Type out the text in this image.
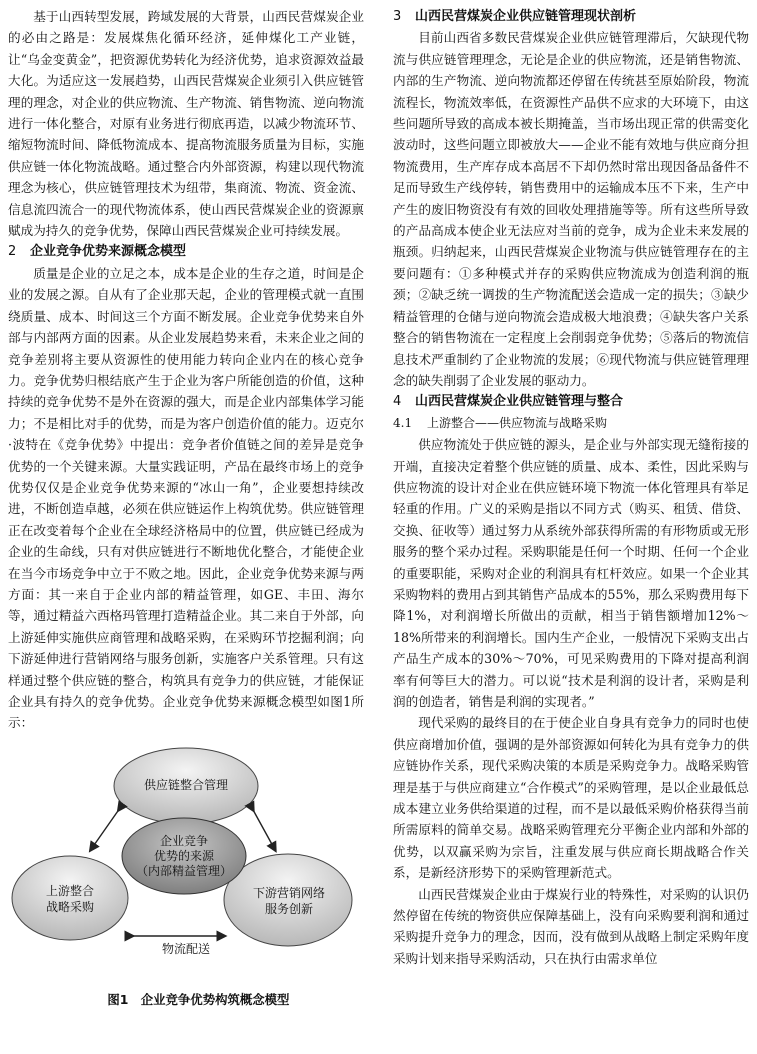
基于山西转型发展，跨域发展的大背景，山西民营煤炭企业的必由之路是：发展煤焦化循环经济，延伸煤化工产业链，让“乌金变黄金”，把资源优势转化为经济优势，追求资源效益最大化。为适应这一发展趋势，山西民营煤炭企业须引入供应链管理的理念，对企业的供应物流、生产物流、销售物流、逆向物流进行一体化整合，对原有业务进行彻底再造，以减少物流环节、缩短物流时间、降低物流成本、提高物流服务质量为目标，实施供应链一体化物流战略。通过整合内外部资源，构建以现代物流理念为核心，供应链管理技术为纽带，集商流、物流、资金流、信息流四流合一的现代物流体系，使山西民营煤炭企业的资源禀赋成为持久的竞争优势，保障山西民营煤炭企业可持续发展。

2 企业竞争优势来源概念模型

质量是企业的立足之本，成本是企业的生存之道，时间是企业的发展之源。自从有了企业那天起，企业的管理模式就一直围绕质量、成本、时间这三个方面不断发展。企业竞争优势来自外部与内部两方面的因素。从企业发展趋势来看，未来企业之间的竞争差别将主要从资源性的使用能力转向企业内在的核心竞争力。竞争优势归根结底产生于企业为客户所能创造的价值，这种持续的竞争优势不是外在资源的强大，而是企业内部集体学习能力；不是相比对手的优势，而是为客户创造价值的能力。迈克尔·波特在《竞争优势》中提出：竞争者价值链之间的差异是竞争优势的一个关键来源。大量实践证明，产品在最终市场上的竞争优势仅仅是企业竞争优势来源的“冰山一角”，企业要想持续改进，不断创造卓越，必须在供应链运作上构筑优势。供应链管理正在改变着每个企业在全球经济格局中的位置，供应链已经成为企业的生命线，只有对供应链进行不断地优化整合，才能使企业在当今市场竞争中立于不败之地。因此，企业竞争优势来源与两方面：其一来自于企业内部的精益管理，如GE、丰田、海尔等，通过精益六西格玛管理打造精益企业。其二来自于外部，向上游延伸实施供应商管理和战略采购，在采购环节挖掘利润；向下游延伸进行营销网络与服务创新，实施客户关系管理。只有这样通过整个供应链的整合，构筑具有竞争力的供应链，才能保证企业具有持久的竞争优势。企业竞争优势来源概念模型如图1所示：

供应链整合管理
企业竞争
优势的来源
（内部精益管理）
上游整合
战略采购
下游营销网络
服务创新
物流配送

图1　企业竞争优势构筑概念模型

3 山西民营煤炭企业供应链管理现状剖析

目前山西省多数民营煤炭企业供应链管理滞后，欠缺现代物流与供应链管理理念，无论是企业的供应物流，还是销售物流、内部的生产物流、逆向物流都还停留在传统甚至原始阶段，物流流程长，物流效率低，在资源性产品供不应求的大环境下，由这些问题所导致的高成本被长期掩盖，当市场出现正常的供需变化波动时，这些问题立即被放大——企业不能有效地与供应商分担物流费用，生产库存成本高居不下却仍然时常出现因备品备件不足而导致生产线停转，销售费用中的运输成本压不下来，生产中产生的废旧物资没有有效的回收处理措施等等。所有这些所导致的产品高成本使企业无法应对当前的竞争，成为企业未来发展的瓶颈。归纳起来，山西民营煤炭企业物流与供应链管理存在的主要问题有：①多种模式并存的采购供应物流成为创造利润的瓶颈；②缺乏统一调拨的生产物流配送会造成一定的损失；③缺少精益管理的仓储与逆向物流会造成极大地浪费；④缺失客户关系整合的销售物流在一定程度上会削弱竞争优势；⑤落后的物流信息技术严重制约了企业物流的发展；⑥现代物流与供应链管理理念的缺失削弱了企业发展的驱动力。

4 山西民营煤炭企业供应链管理与整合
4.1 上游整合——供应物流与战略采购

供应物流处于供应链的源头，是企业与外部实现无缝衔接的开端，直接决定着整个供应链的质量、成本、柔性，因此采购与供应物流的设计对企业在供应链环境下物流一体化管理具有举足轻重的作用。广义的采购是指以不同方式（购买、租赁、借贷、交换、征收等）通过努力从系统外部获得所需的有形物质或无形服务的整个采办过程。采购职能是任何一个时期、任何一个企业的重要职能，采购对企业的利润具有杠杆效应。如果一个企业其采购物料的费用占到其销售产品成本的55%，那么采购费用每下降1%，对利润增长所做出的贡献，相当于销售额增加12%～18%所带来的利润增长。国内生产企业，一般情况下采购支出占产品生产成本的30%～70%，可见采购费用的下降对提高利润率有何等巨大的潜力。可以说“技术是利润的设计者，采购是利润的创造者，销售是利润的实现者。”

现代采购的最终目的在于使企业自身具有竞争力的同时也使供应商增加价值，强调的是外部资源如何转化为具有竞争力的供应链协作关系，现代采购决策的本质是采购竞争力。战略采购管理是基于与供应商建立“合作模式”的采购管理，是以企业最低总成本建立业务供给渠道的过程，而不是以最低采购价格获得当前所需原料的简单交易。战略采购管理充分平衡企业内部和外部的优势，以双赢采购为宗旨，注重发展与供应商长期战略合作关系，是新经济形势下的采购管理新范式。

山西民营煤炭企业由于煤炭行业的特殊性，对采购的认识仍然停留在传统的物资供应保障基础上，没有向采购要利润和通过采购提升竞争力的理念，因而，没有做到从战略上制定采购年度采购计划来指导采购活动，只在执行由需求单位
